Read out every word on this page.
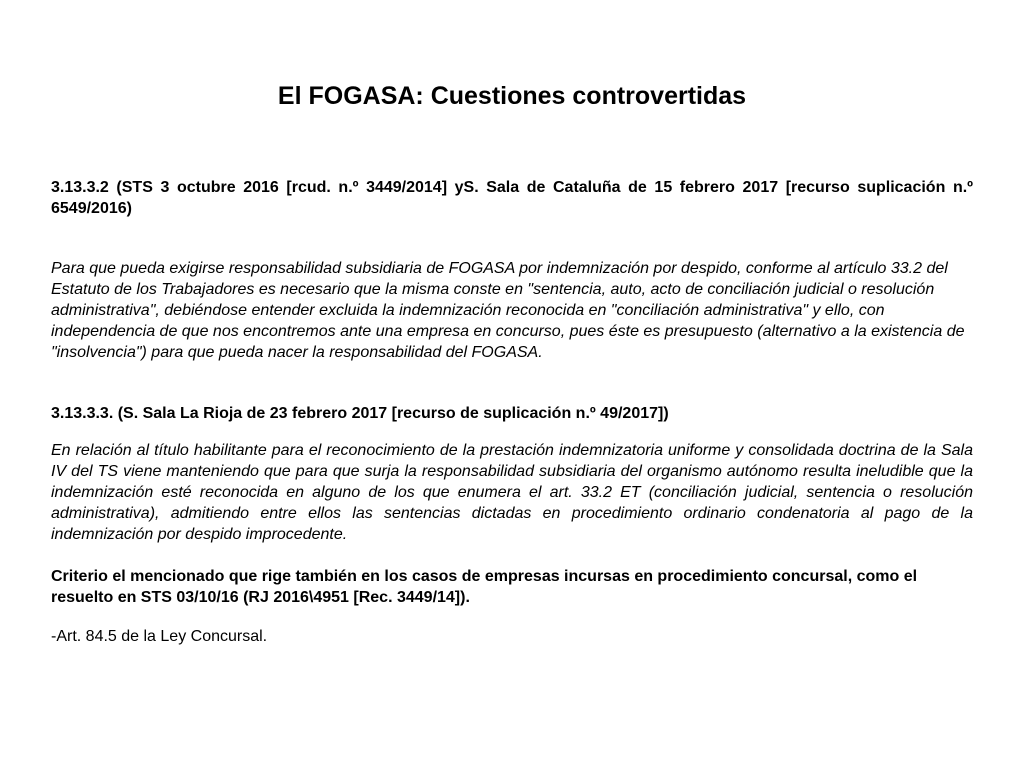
El FOGASA: Cuestiones controvertidas

3.13.3.2 (STS 3 octubre 2016 [rcud. n.º 3449/2014] yS. Sala de Cataluña de 15 febrero 2017 [recurso suplicación n.º 6549/2016)

Para que pueda exigirse responsabilidad subsidiaria de FOGASA por indemnización por despido, conforme al artículo 33.2 del Estatuto de los Trabajadores es necesario que la misma conste en "sentencia, auto, acto de conciliación judicial o resolución administrativa", debiéndose entender excluida la indemnización reconocida en "conciliación administrativa" y ello, con independencia de que nos encontremos ante una empresa en concurso, pues éste es presupuesto (alternativo a la existencia de "insolvencia") para que pueda nacer la responsabilidad del FOGASA.

3.13.3.3. (S. Sala La Rioja de 23 febrero 2017 [recurso de suplicación n.º 49/2017])

En relación al título habilitante para el reconocimiento de la prestación indemnizatoria uniforme y consolidada doctrina de la Sala IV del TS viene manteniendo que para que surja la responsabilidad subsidiaria del organismo autónomo resulta ineludible que la indemnización esté reconocida en alguno de los que enumera el art. 33.2 ET (conciliación judicial, sentencia o resolución administrativa), admitiendo entre ellos las sentencias dictadas en procedimiento ordinario condenatoria al pago de la indemnización por despido improcedente.

Criterio el mencionado que rige también en los casos de empresas incursas en procedimiento concursal, como el resuelto en STS 03/10/16 (RJ 2016\4951 [Rec. 3449/14]).

-Art. 84.5 de la Ley Concursal.
